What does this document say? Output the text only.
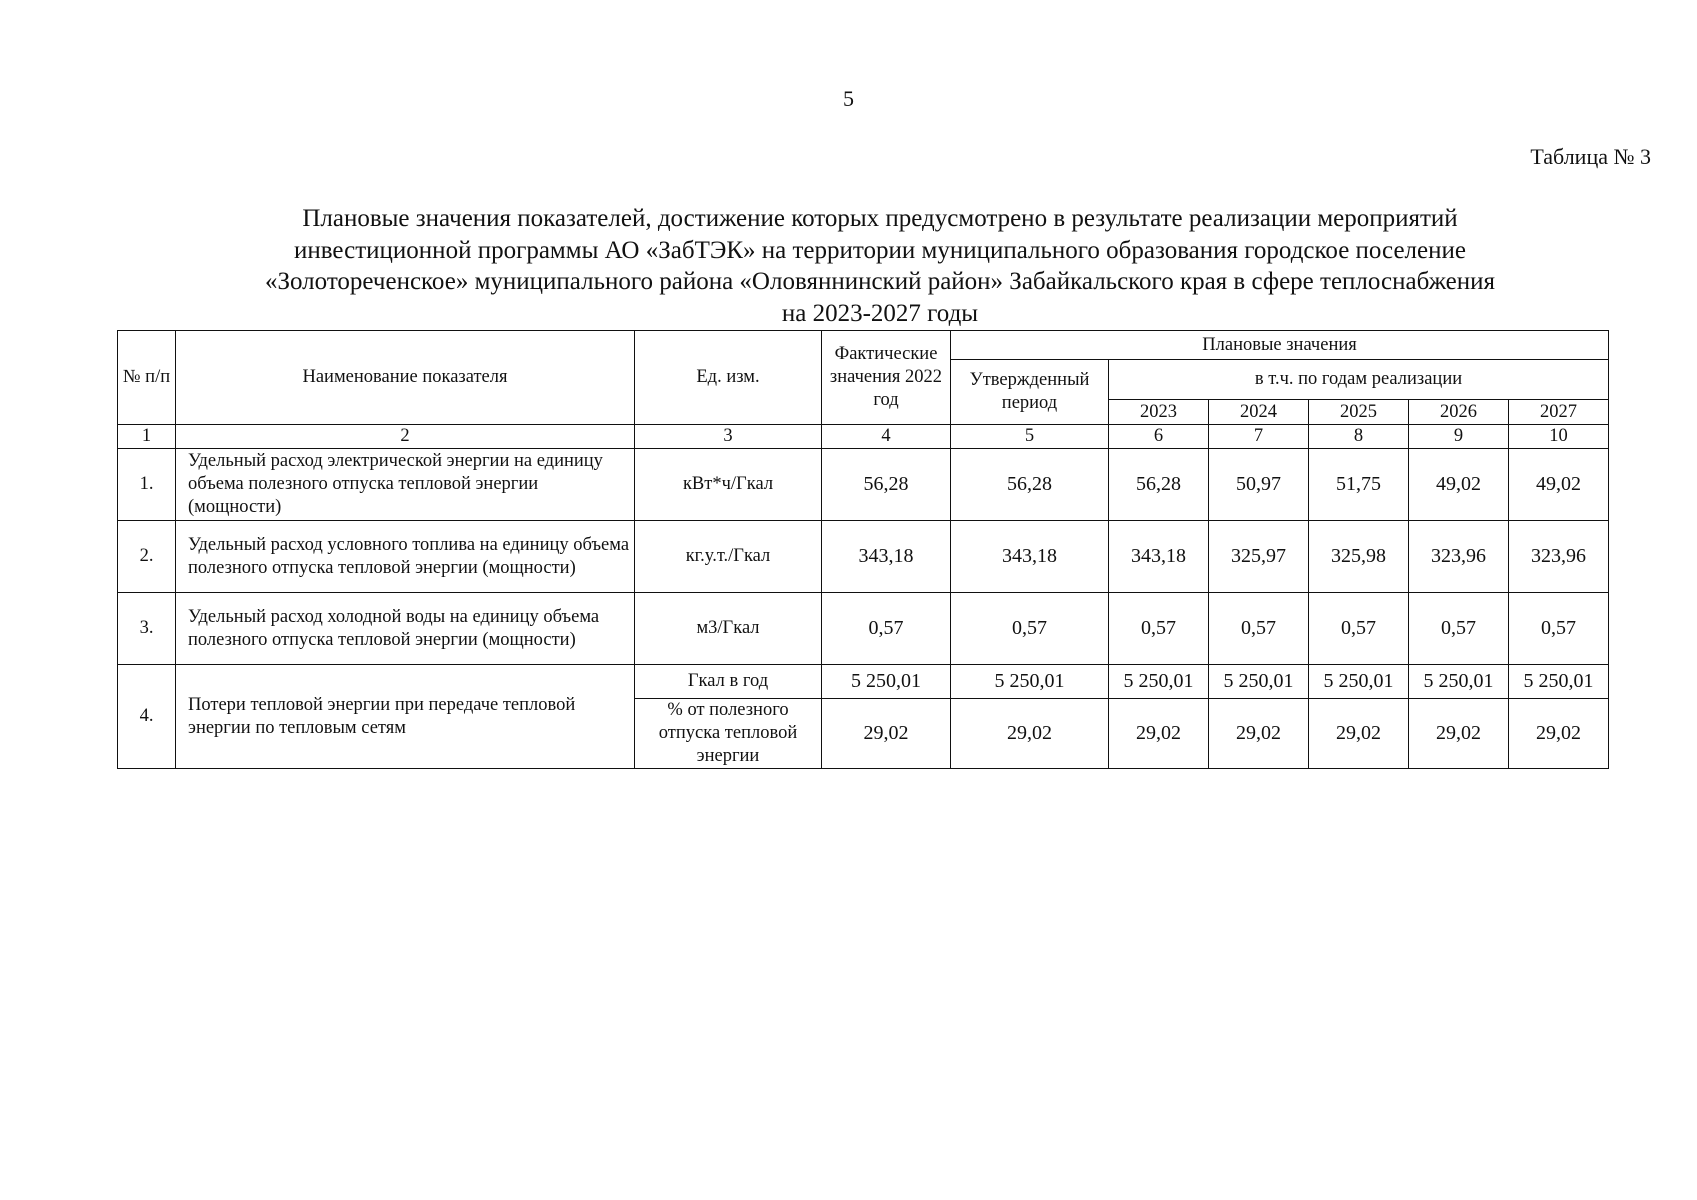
5
Таблица № 3
Плановые значения показателей, достижение которых предусмотрено в результате реализации мероприятий
инвестиционной программы АО «ЗабТЭК» на территории муниципального образования городское поселение
«Золотореченское» муниципального района «Оловяннинский район» Забайкальского края в сфере теплоснабжения
на 2023-2027 годы
№ п/п	Наименование показателя	Ед. изм.	Фактические значения 2022 год	Плановые значения					
				Утвержденный период	в т.ч. по годам реализации				
					2023	2024	2025	2026	2027
1	2	3	4	5	6	7	8	9	10
1.	Удельный расход электрической энергии на единицу объема полезного отпуска тепловой энергии (мощности)	кВт*ч/Гкал	56,28	56,28	56,28	50,97	51,75	49,02	49,02
2.	Удельный расход условного топлива на единицу объема полезного отпуска тепловой энергии (мощности)	кг.у.т./Гкал	343,18	343,18	343,18	325,97	325,98	323,96	323,96
3.	Удельный расход холодной воды на единицу объема полезного отпуска тепловой энергии (мощности)	м3/Гкал	0,57	0,57	0,57	0,57	0,57	0,57	0,57
4.	Потери тепловой энергии при передаче тепловой энергии по тепловым сетям	Гкал в год	5 250,01	5 250,01	5 250,01	5 250,01	5 250,01	5 250,01	5 250,01
		% от полезного отпуска тепловой энергии	29,02	29,02	29,02	29,02	29,02	29,02	29,02
